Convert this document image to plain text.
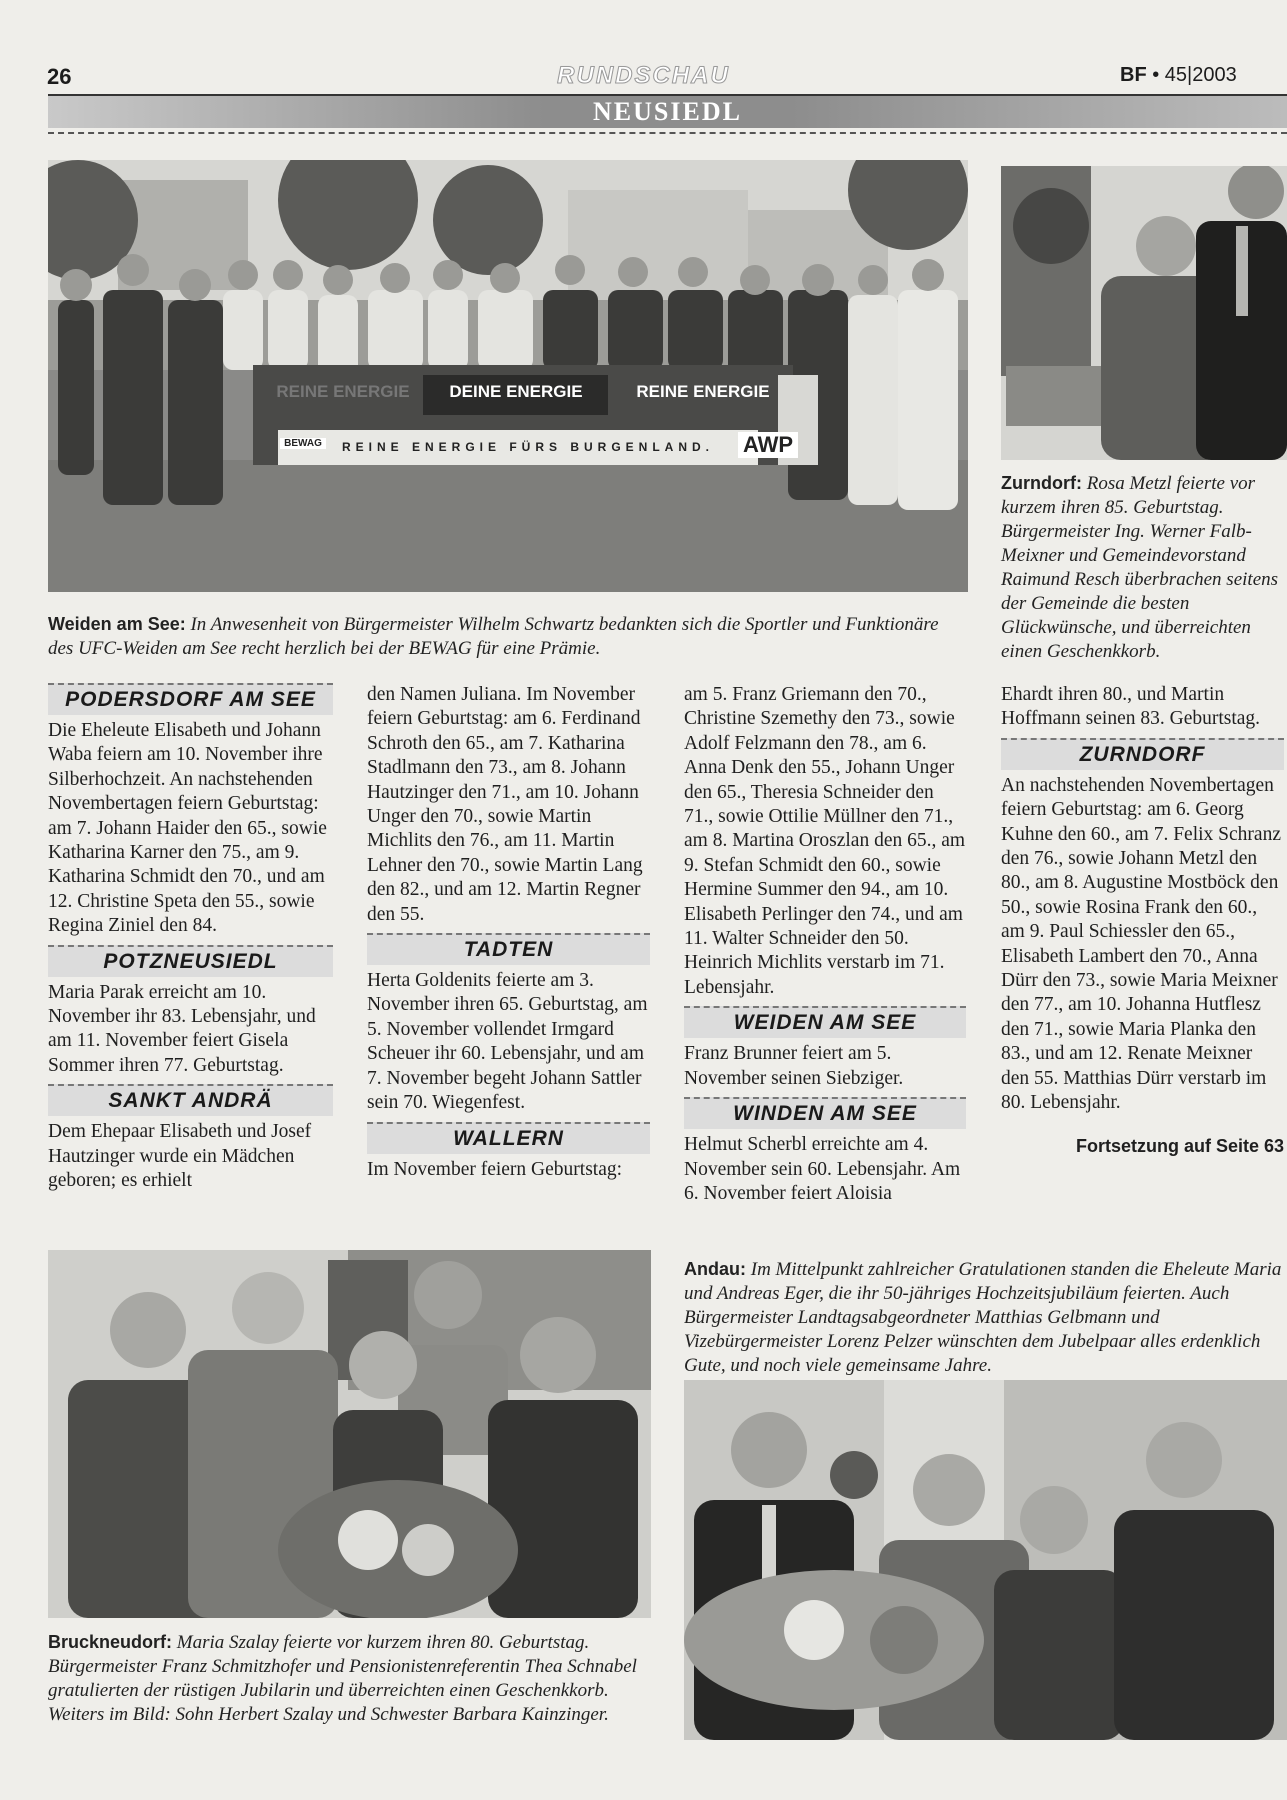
26	RUNDSCHAU	BF • 45|2003
NEUSIEDL
DEINE ENERGIE	REINE ENERGIE
REINE ENERGIE
REINE ENERGIE FÜRS BURGENLAND.
BEWAG	AWP
Weiden am See: In Anwesenheit von Bürgermeister Wilhelm Schwartz bedankten sich die Sportler und Funktionäre des UFC-Weiden am See recht herzlich bei der BEWAG für eine Prämie.
Zurndorf: Rosa Metzl feierte vor kurzem ihren 85. Geburtstag. Bürgermeister Ing. Werner Falb-Meixner und Gemeindevorstand Raimund Resch überbrachen seitens der Gemeinde die besten Glückwünsche, und überreichten einen Geschenkkorb.
PODERSDORF AM SEE

Die Eheleute Elisabeth und Johann Waba feiern am 10. November ihre Silberhochzeit. An nachstehenden Novembertagen feiern Geburtstag: am 7. Johann Haider den 65., sowie Katharina Karner den 75., am 9. Katharina Schmidt den 70., und am 12. Christine Speta den 55., sowie Regina Ziniel den 84.

POTZNEUSIEDL

Maria Parak erreicht am 10. November ihr 83. Lebensjahr, und am 11. November feiert Gisela Sommer ihren 77. Geburtstag.

SANKT ANDRÄ

Dem Ehepaar Elisabeth und Josef Hautzinger wurde ein Mädchen geboren; es erhielt

den Namen Juliana. Im November feiern Geburtstag: am 6. Ferdinand Schroth den 65., am 7. Katharina Stadlmann den 73., am 8. Johann Hautzinger den 71., am 10. Johann Unger den 70., sowie Martin Michlits den 76., am 11. Martin Lehner den 70., sowie Martin Lang den 82., und am 12. Martin Regner den 55.

TADTEN

Herta Goldenits feierte am 3. November ihren 65. Geburtstag, am 5. November vollendet Irmgard Scheuer ihr 60. Lebensjahr, und am 7. November begeht Johann Sattler sein 70. Wiegenfest.

WALLERN

Im November feiern Geburtstag:

am 5. Franz Griemann den 70., Christine Szemethy den 73., sowie Adolf Felzmann den 78., am 6. Anna Denk den 55., Johann Unger den 65., Theresia Schneider den 71., sowie Ottilie Müllner den 71., am 8. Martina Oroszlan den 65., am 9. Stefan Schmidt den 60., sowie Hermine Summer den 94., am 10. Elisabeth Perlinger den 74., und am 11. Walter Schneider den 50. Heinrich Michlits verstarb im 71. Lebensjahr.

WEIDEN AM SEE

Franz Brunner feiert am 5. November seinen Siebziger.

WINDEN AM SEE

Helmut Scherbl erreichte am 4. November sein 60. Lebensjahr. Am 6. November feiert Aloisia

Ehardt ihren 80., und Martin Hoffmann seinen 83. Geburtstag.

ZURNDORF

An nachstehenden Novembertagen feiern Geburtstag: am 6. Georg Kuhne den 60., am 7. Felix Schranz den 76., sowie Johann Metzl den 80., am 8. Augustine Mostböck den 50., sowie Rosina Frank den 60., am 9. Paul Schiessler den 65., Elisabeth Lambert den 70., Anna Dürr den 73., sowie Maria Meixner den 77., am 10. Johanna Hutflesz den 71., sowie Maria Planka den 83., und am 12. Renate Meixner den 55. Matthias Dürr verstarb im 80. Lebensjahr.

Fortsetzung auf Seite 63

Bruckneudorf: Maria Szalay feierte vor kurzem ihren 80. Geburtstag. Bürgermeister Franz Schmitzhofer und Pensionistenreferentin Thea Schnabel gratulierten der rüstigen Jubilarin und überreichten einen Geschenkkorb. Weiters im Bild: Sohn Herbert Szalay und Schwester Barbara Kainzinger.
Andau: Im Mittelpunkt zahlreicher Gratulationen standen die Eheleute Maria und Andreas Eger, die ihr 50-jähriges Hochzeitsjubiläum feierten. Auch Bürgermeister Landtagsabgeordneter Matthias Gelbmann und Vizebürgermeister Lorenz Pelzer wünschten dem Jubelpaar alles erdenklich Gute, und noch viele gemeinsame Jahre.
